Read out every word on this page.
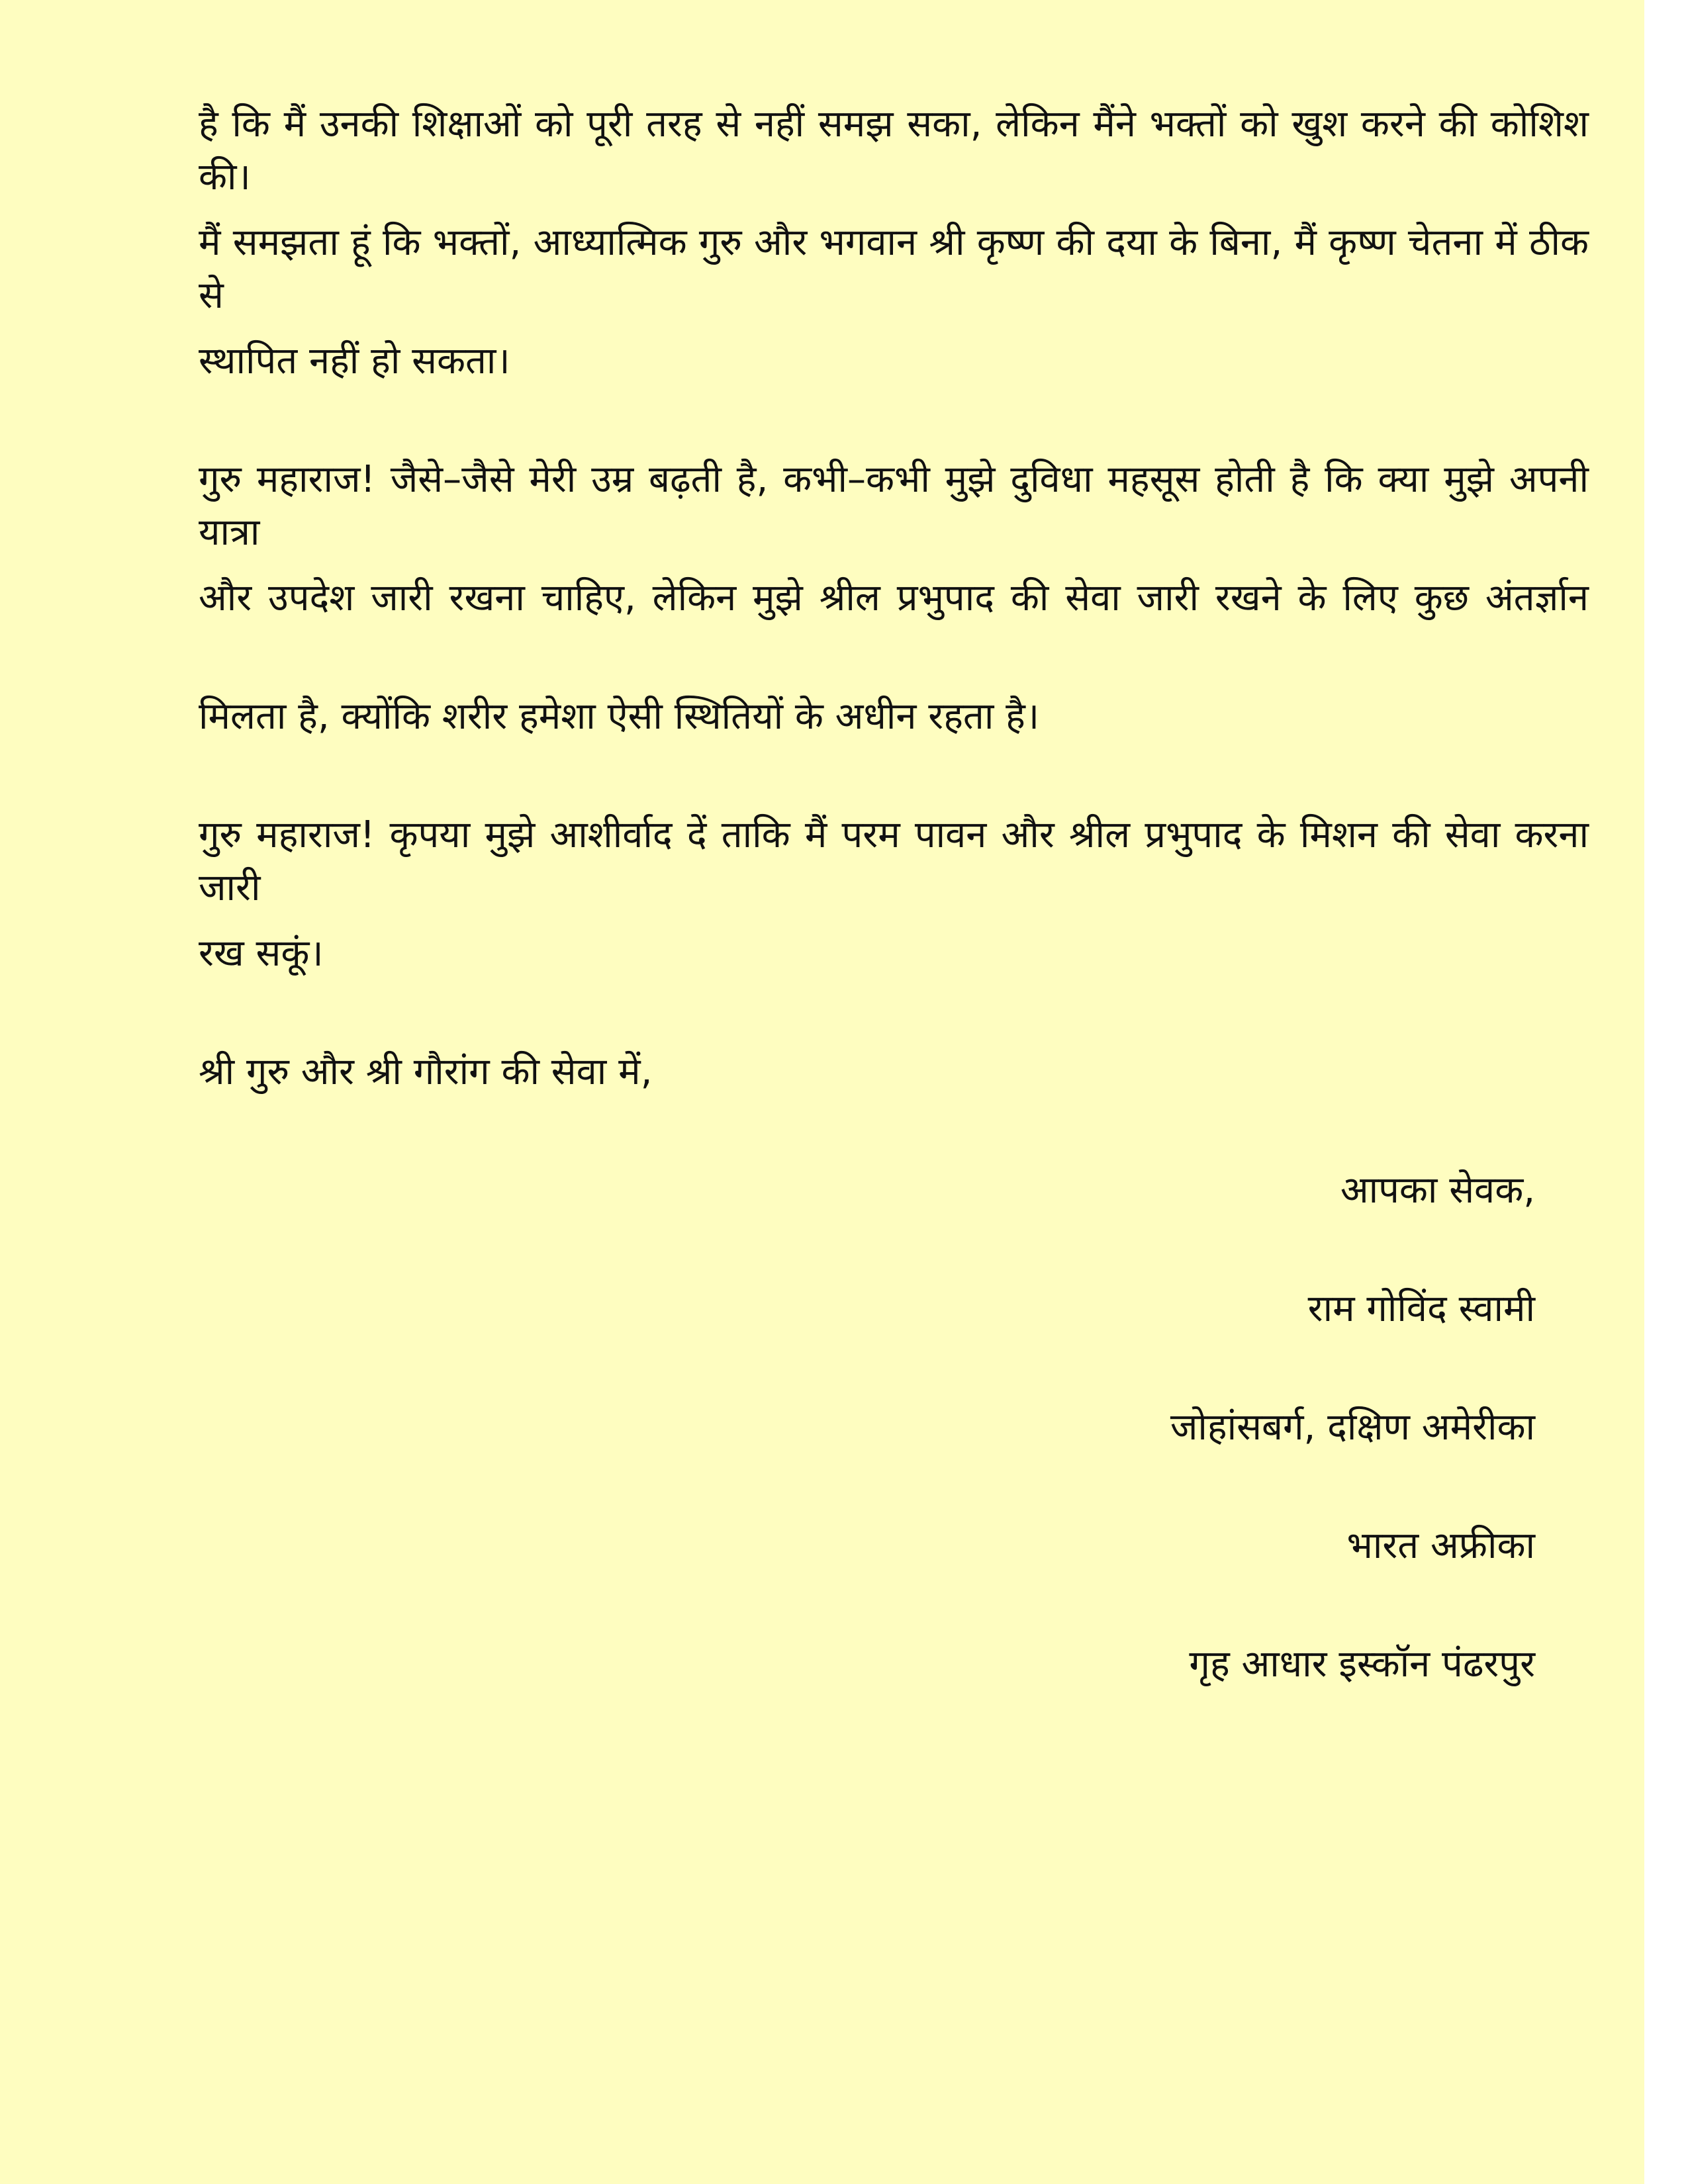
है कि मैं उनकी शिक्षाओं को पूरी तरह से नहीं समझ सका, लेकिन मैंने भक्तों को खुश करने की कोशिश की।
मैं समझता हूं कि भक्तों, आध्यात्मिक गुरु और भगवान श्री कृष्ण की दया के बिना, मैं कृष्ण चेतना में ठीक से
स्थापित नहीं हो सकता।
गुरु महाराज! जैसे–जैसे मेरी उम्र बढ़ती है, कभी–कभी मुझे दुविधा महसूस होती है कि क्या मुझे अपनी यात्रा
और उपदेश जारी रखना चाहिए, लेकिन मुझे श्रील प्रभुपाद की सेवा जारी रखने के लिए कुछ अंतर्ज्ञान
मिलता है, क्योंकि शरीर हमेशा ऐसी स्थितियों के अधीन रहता है।
गुरु महाराज! कृपया मुझे आशीर्वाद दें ताकि मैं परम पावन और श्रील प्रभुपाद के मिशन की सेवा करना जारी
रख सकूं।
श्री गुरु और श्री गौरांग की सेवा में,
आपका सेवक,
राम गोविंद स्वामी
जोहांसबर्ग, दक्षिण अमेरीका
भारत अफ्रीका
गृह आधार इस्कॉन पंढरपुर
